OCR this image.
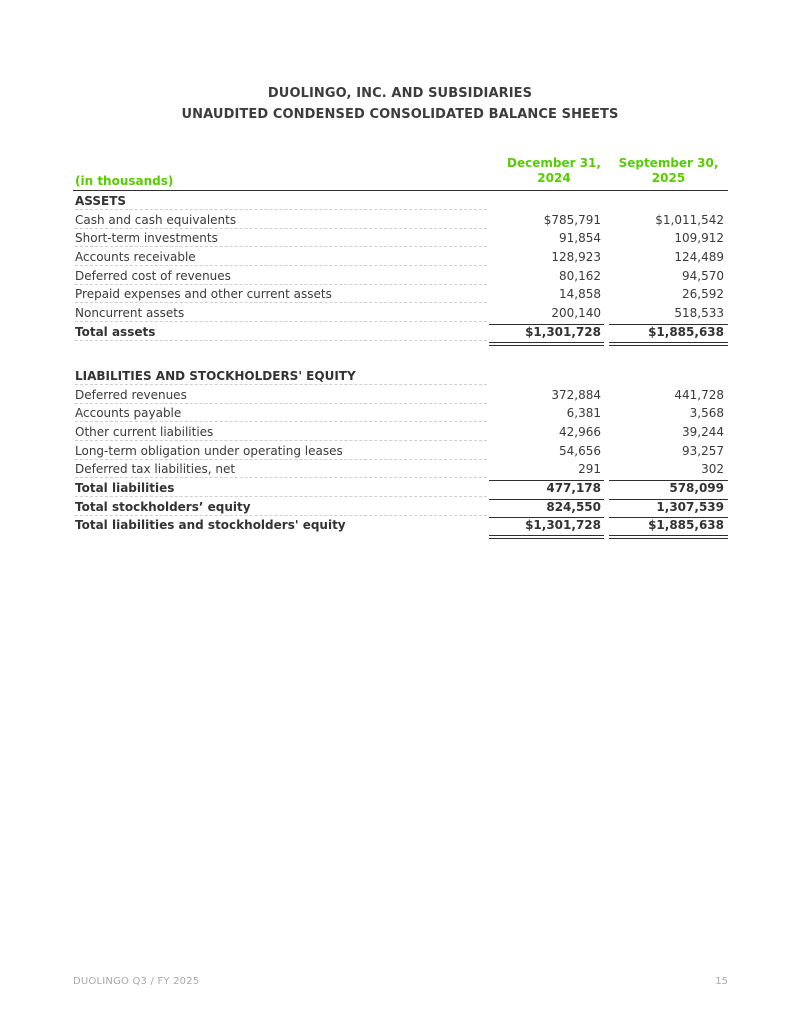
DUOLINGO, INC. AND SUBSIDIARIES
UNAUDITED CONDENSED CONSOLIDATED BALANCE SHEETS
(in thousands)
December 31,
2024
September 30,
2025
ASSETS
Cash and cash equivalents	$785,791	$1,011,542
Short-term investments	91,854	109,912
Accounts receivable	128,923	124,489
Deferred cost of revenues	80,162	94,570
Prepaid expenses and other current assets	14,858	26,592
Noncurrent assets	200,140	518,533
Total assets	$1,301,728	$1,885,638
LIABILITIES AND STOCKHOLDERS' EQUITY
Deferred revenues	372,884	441,728
Accounts payable	6,381	3,568
Other current liabilities	42,966	39,244
Long-term obligation under operating leases	54,656	93,257
Deferred tax liabilities, net	291	302
Total liabilities	477,178	578,099
Total stockholders’ equity	824,550	1,307,539
Total liabilities and stockholders' equity	$1,301,728	$1,885,638
DUOLINGO Q3 / FY 2025	15
